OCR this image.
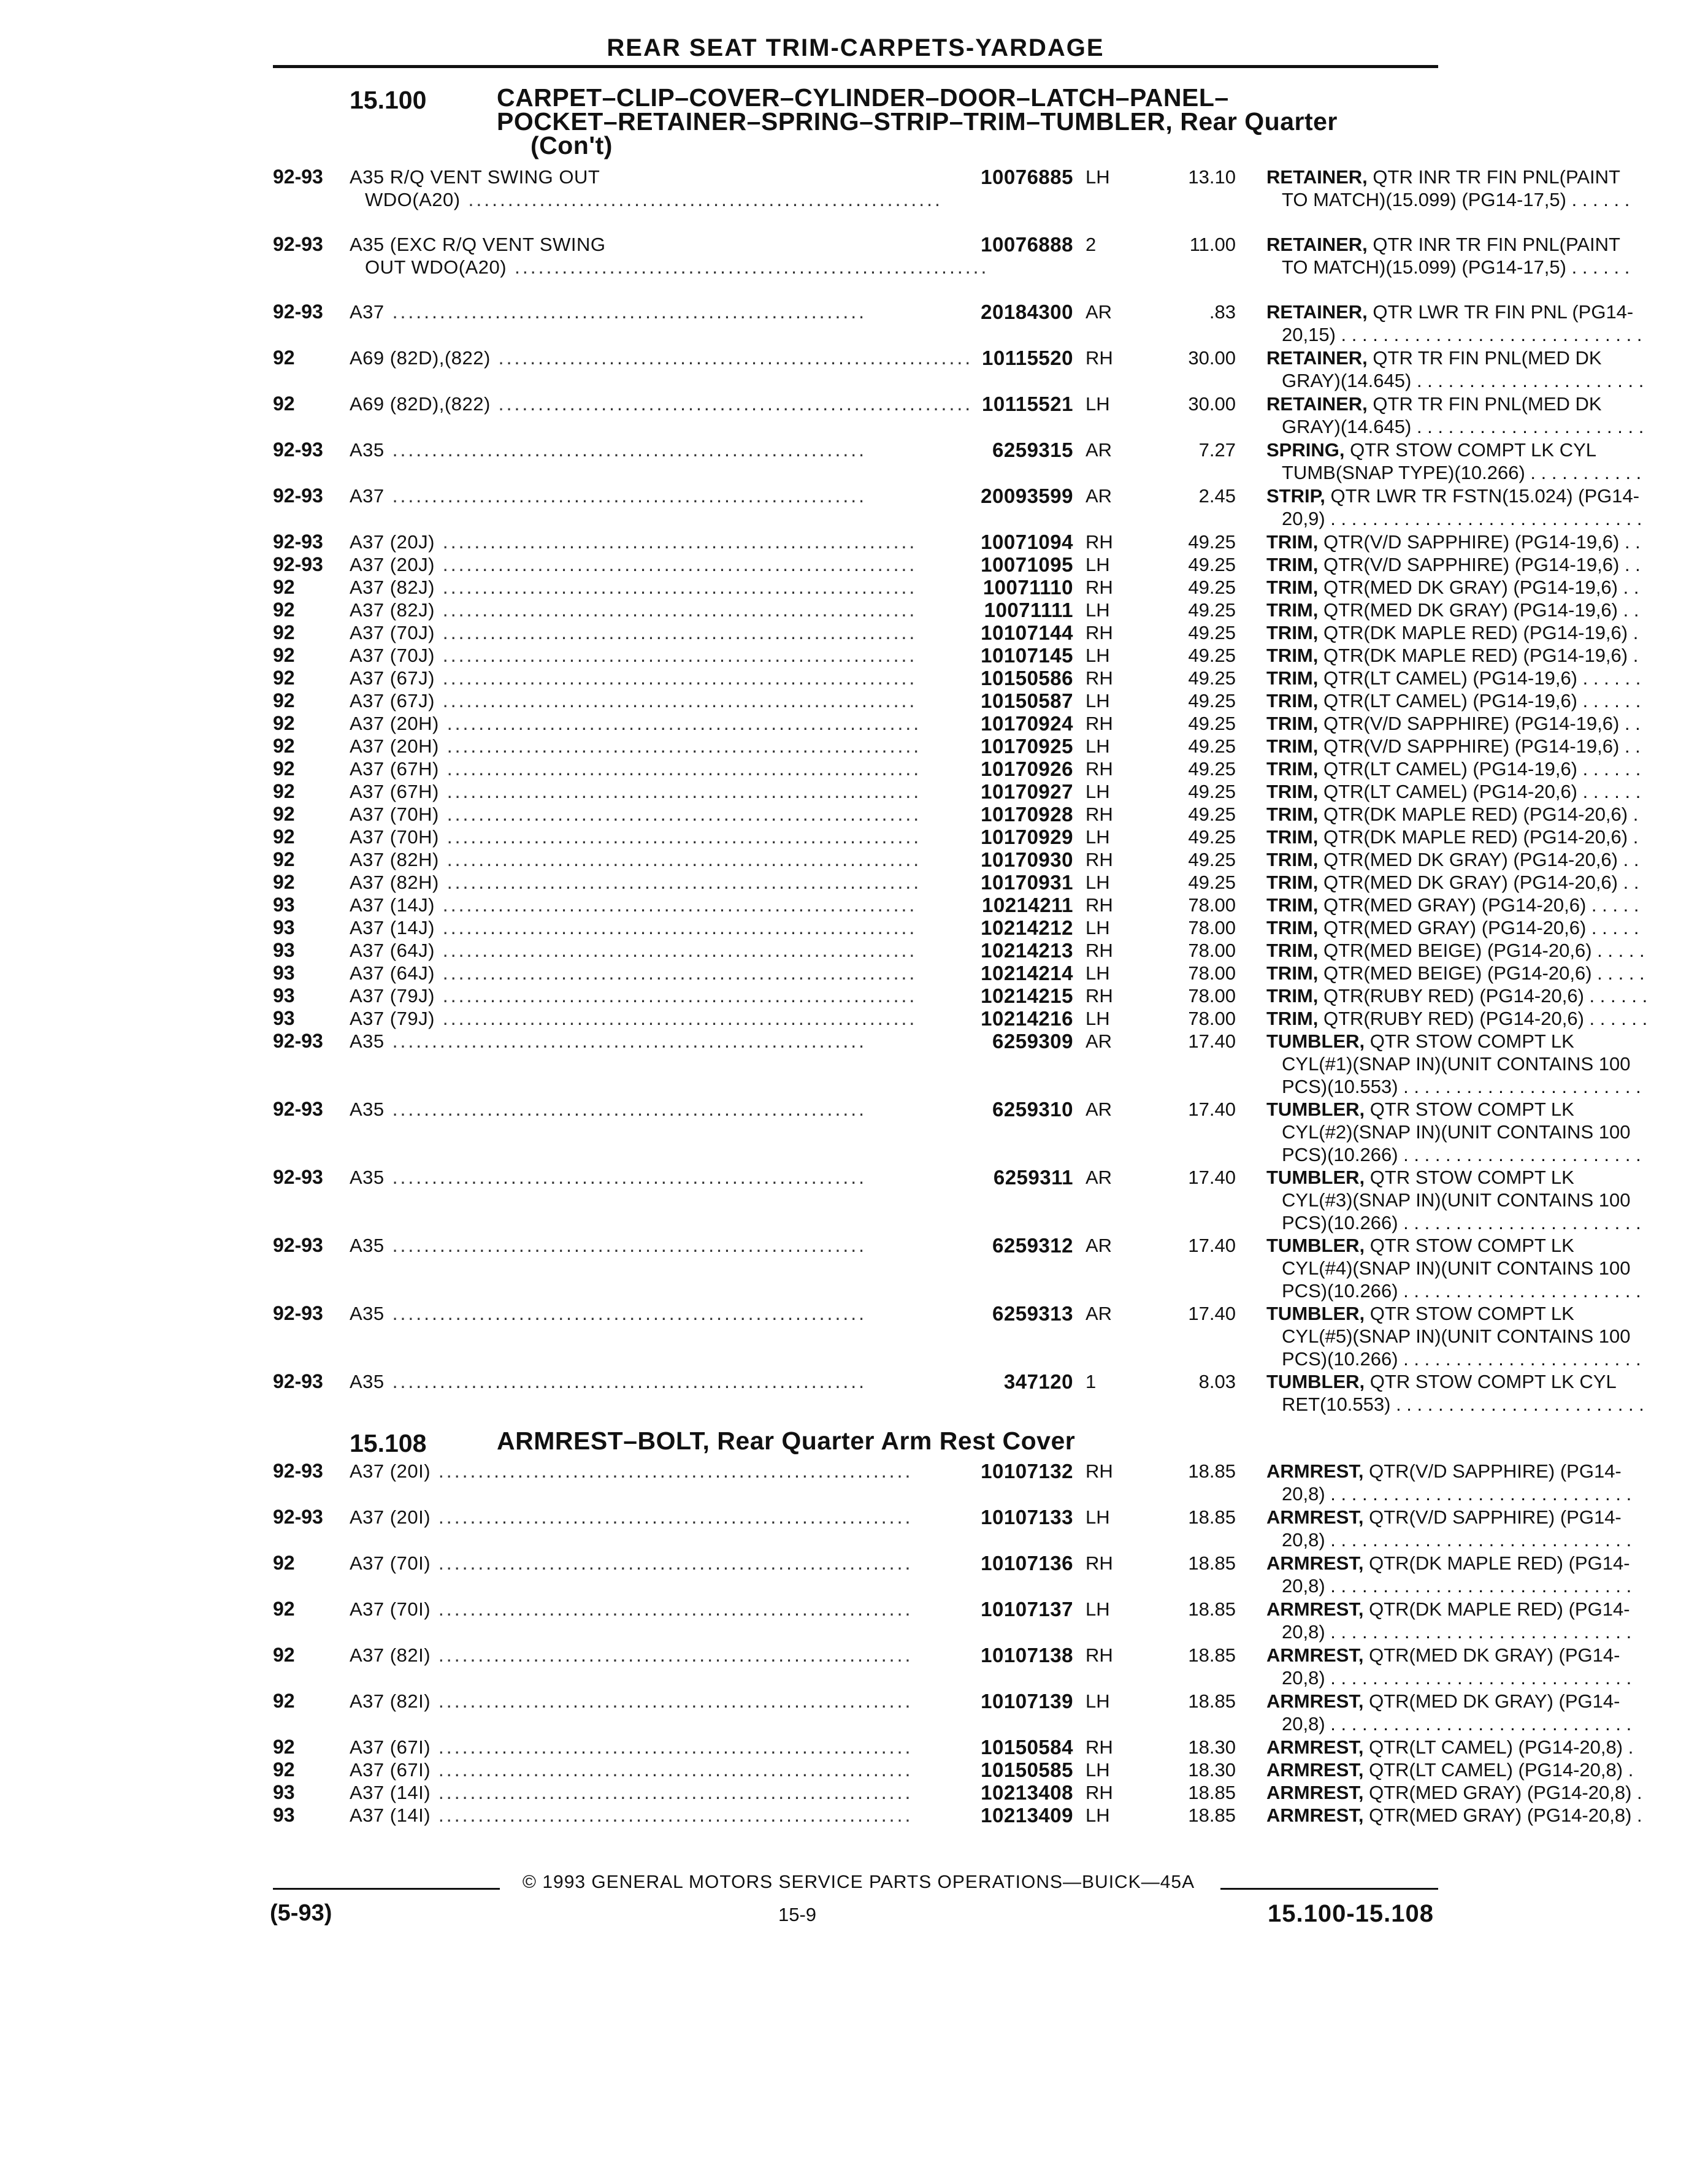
REAR SEAT TRIM-CARPETS-YARDAGE
15.100	CARPET–CLIP–COVER–CYLINDER–DOOR–LATCH–PANEL–
POCKET–RETAINER–SPRING–STRIP–TRIM–TUMBLER, Rear Quarter
(Con't)
15.108	ARMREST–BOLT, Rear Quarter Arm Rest Cover
92-93 A35 R/Q VENT SWING OUT
WDO(A20) ............................................................
10076885 LH	13.10 RETAINER, QTR INR TR FIN PNL(PAINT
TO MATCH)(15.099) (PG14-17,5) . . . . . .
92-93 A35 (EXC R/Q VENT SWING
OUT WDO(A20) ............................................................
10076888 2	11.00 RETAINER, QTR INR TR FIN PNL(PAINT
TO MATCH)(15.099) (PG14-17,5) . . . . . .
92-93 A37 ............................................................	20184300 AR	.83 RETAINER, QTR LWR TR FIN PNL (PG14-
20,15) . . . . . . . . . . . . . . . . . . . . . . . . . . . . .
92	A69 (82D),(822) ............................................................ 10115520 RH	30.00 RETAINER, QTR TR FIN PNL(MED DK
GRAY)(14.645) . . . . . . . . . . . . . . . . . . . . . .
92	A69 (82D),(822) ............................................................ 10115521 LH	30.00 RETAINER, QTR TR FIN PNL(MED DK
GRAY)(14.645) . . . . . . . . . . . . . . . . . . . . . .
92-93 A35 ............................................................	6259315 AR	7.27 SPRING, QTR STOW COMPT LK CYL
TUMB(SNAP TYPE)(10.266) . . . . . . . . . . .
92-93 A37 ............................................................	20093599 AR	2.45 STRIP, QTR LWR TR FSTN(15.024) (PG14-
20,9) . . . . . . . . . . . . . . . . . . . . . . . . . . . . . .
92-93 A37 (20J) ............................................................	10071094 RH	49.25 TRIM, QTR(V/D SAPPHIRE) (PG14-19,6) . .
92-93 A37 (20J) ............................................................	10071095 LH	49.25 TRIM, QTR(V/D SAPPHIRE) (PG14-19,6) . .
92	A37 (82J) ............................................................	10071110 RH	49.25 TRIM, QTR(MED DK GRAY) (PG14-19,6) . .
92	A37 (82J) ............................................................	10071111 LH	49.25 TRIM, QTR(MED DK GRAY) (PG14-19,6) . .
92	A37 (70J) ............................................................	10107144 RH	49.25 TRIM, QTR(DK MAPLE RED) (PG14-19,6) .
92	A37 (70J) ............................................................	10107145 LH	49.25 TRIM, QTR(DK MAPLE RED) (PG14-19,6) .
92	A37 (67J) ............................................................	10150586 RH	49.25 TRIM, QTR(LT CAMEL) (PG14-19,6) . . . . . .
92	A37 (67J) ............................................................	10150587 LH	49.25 TRIM, QTR(LT CAMEL) (PG14-19,6) . . . . . .
92	A37 (20H) ............................................................	10170924 RH	49.25 TRIM, QTR(V/D SAPPHIRE) (PG14-19,6) . .
92	A37 (20H) ............................................................	10170925 LH	49.25 TRIM, QTR(V/D SAPPHIRE) (PG14-19,6) . .
92	A37 (67H) ............................................................	10170926 RH	49.25 TRIM, QTR(LT CAMEL) (PG14-19,6) . . . . . .
92	A37 (67H) ............................................................	10170927 LH	49.25 TRIM, QTR(LT CAMEL) (PG14-20,6) . . . . . .
92	A37 (70H) ............................................................	10170928 RH	49.25 TRIM, QTR(DK MAPLE RED) (PG14-20,6) .
92	A37 (70H) ............................................................	10170929 LH	49.25 TRIM, QTR(DK MAPLE RED) (PG14-20,6) .
92	A37 (82H) ............................................................	10170930 RH	49.25 TRIM, QTR(MED DK GRAY) (PG14-20,6) . .
92	A37 (82H) ............................................................	10170931 LH	49.25 TRIM, QTR(MED DK GRAY) (PG14-20,6) . .
93	A37 (14J) ............................................................	10214211 RH	78.00 TRIM, QTR(MED GRAY) (PG14-20,6) . . . . .
93	A37 (14J) ............................................................	10214212 LH	78.00 TRIM, QTR(MED GRAY) (PG14-20,6) . . . . .
93	A37 (64J) ............................................................	10214213 RH	78.00 TRIM, QTR(MED BEIGE) (PG14-20,6) . . . . .
93	A37 (64J) ............................................................	10214214 LH	78.00 TRIM, QTR(MED BEIGE) (PG14-20,6) . . . . .
93	A37 (79J) ............................................................	10214215 RH	78.00 TRIM, QTR(RUBY RED) (PG14-20,6) . . . . . .
93	A37 (79J) ............................................................	10214216 LH	78.00 TRIM, QTR(RUBY RED) (PG14-20,6) . . . . . .
92-93 A35 ............................................................	6259309 AR	17.40 TUMBLER, QTR STOW COMPT LK
CYL(#1)(SNAP IN)(UNIT CONTAINS 100
PCS)(10.553) . . . . . . . . . . . . . . . . . . . . . . .
92-93 A35 ............................................................	6259310 AR	17.40 TUMBLER, QTR STOW COMPT LK
CYL(#2)(SNAP IN)(UNIT CONTAINS 100
PCS)(10.266) . . . . . . . . . . . . . . . . . . . . . . .
92-93 A35 ............................................................	6259311 AR	17.40 TUMBLER, QTR STOW COMPT LK
CYL(#3)(SNAP IN)(UNIT CONTAINS 100
PCS)(10.266) . . . . . . . . . . . . . . . . . . . . . . .
92-93 A35 ............................................................	6259312 AR	17.40 TUMBLER, QTR STOW COMPT LK
CYL(#4)(SNAP IN)(UNIT CONTAINS 100
PCS)(10.266) . . . . . . . . . . . . . . . . . . . . . . .
92-93 A35 ............................................................	6259313 AR	17.40 TUMBLER, QTR STOW COMPT LK
CYL(#5)(SNAP IN)(UNIT CONTAINS 100
PCS)(10.266) . . . . . . . . . . . . . . . . . . . . . . .
92-93 A35 ............................................................	347120 1	8.03 TUMBLER, QTR STOW COMPT LK CYL
RET(10.553) . . . . . . . . . . . . . . . . . . . . . . . .
92-93 A37 (20I) ............................................................	10107132 RH	18.85 ARMREST, QTR(V/D SAPPHIRE) (PG14-
20,8) . . . . . . . . . . . . . . . . . . . . . . . . . . . . .
92-93 A37 (20I) ............................................................	10107133 LH	18.85 ARMREST, QTR(V/D SAPPHIRE) (PG14-
20,8) . . . . . . . . . . . . . . . . . . . . . . . . . . . . .
92	A37 (70I) ............................................................	10107136 RH	18.85 ARMREST, QTR(DK MAPLE RED) (PG14-
20,8) . . . . . . . . . . . . . . . . . . . . . . . . . . . . .
92	A37 (70I) ............................................................	10107137 LH	18.85 ARMREST, QTR(DK MAPLE RED) (PG14-
20,8) . . . . . . . . . . . . . . . . . . . . . . . . . . . . .
92	A37 (82I) ............................................................	10107138 RH	18.85 ARMREST, QTR(MED DK GRAY) (PG14-
20,8) . . . . . . . . . . . . . . . . . . . . . . . . . . . . .
92	A37 (82I) ............................................................	10107139 LH	18.85 ARMREST, QTR(MED DK GRAY) (PG14-
20,8) . . . . . . . . . . . . . . . . . . . . . . . . . . . . .
92	A37 (67I) ............................................................	10150584 RH	18.30 ARMREST, QTR(LT CAMEL) (PG14-20,8) .
92	A37 (67I) ............................................................	10150585 LH	18.30 ARMREST, QTR(LT CAMEL) (PG14-20,8) .
93	A37 (14I) ............................................................	10213408 RH	18.85 ARMREST, QTR(MED GRAY) (PG14-20,8) .
93	A37 (14I) ............................................................	10213409 LH	18.85 ARMREST, QTR(MED GRAY) (PG14-20,8) .
© 1993 GENERAL MOTORS SERVICE PARTS OPERATIONS—BUICK—45A
(5-93)	15-9	15.100-15.108
